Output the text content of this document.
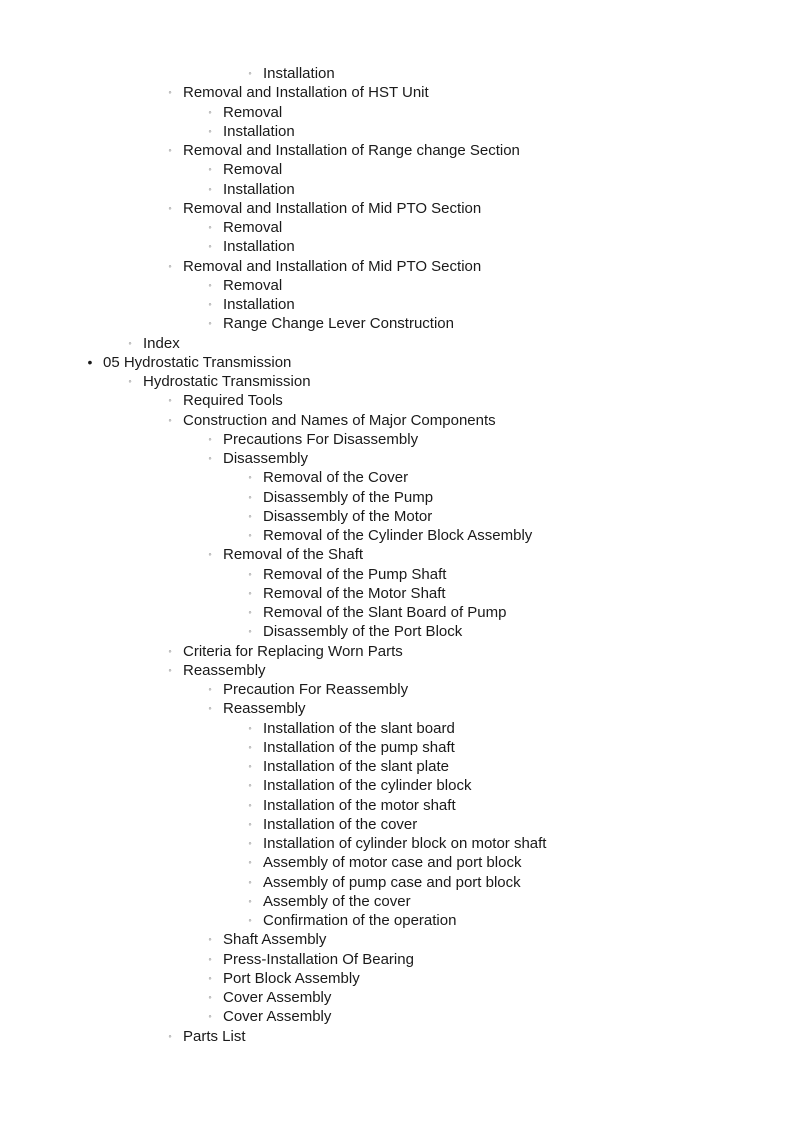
◦ Installation
◦ Removal and Installation of HST Unit
◦ Removal
◦ Installation
◦ Removal and Installation of Range change Section
◦ Removal
◦ Installation
◦ Removal and Installation of Mid PTO Section
◦ Removal
◦ Installation
◦ Removal and Installation of Mid PTO Section
◦ Removal
◦ Installation
◦ Range Change Lever Construction
◦ Index
• 05 Hydrostatic Transmission
◦ Hydrostatic Transmission
◦ Required Tools
◦ Construction and Names of Major Components
◦ Precautions For Disassembly
◦ Disassembly
◦ Removal of the Cover
◦ Disassembly of the Pump
◦ Disassembly of the Motor
◦ Removal of the Cylinder Block Assembly
◦ Removal of the Shaft
◦ Removal of the Pump Shaft
◦ Removal of the Motor Shaft
◦ Removal of the Slant Board of Pump
◦ Disassembly of the Port Block
◦ Criteria for Replacing Worn Parts
◦ Reassembly
◦ Precaution For Reassembly
◦ Reassembly
◦ Installation of the slant board
◦ Installation of the pump shaft
◦ Installation of the slant plate
◦ Installation of the cylinder block
◦ Installation of the motor shaft
◦ Installation of the cover
◦ Installation of cylinder block on motor shaft
◦ Assembly of motor case and port block
◦ Assembly of pump case and port block
◦ Assembly of the cover
◦ Confirmation of the operation
◦ Shaft Assembly
◦ Press-Installation Of Bearing
◦ Port Block Assembly
◦ Cover Assembly
◦ Cover Assembly
◦ Parts List
